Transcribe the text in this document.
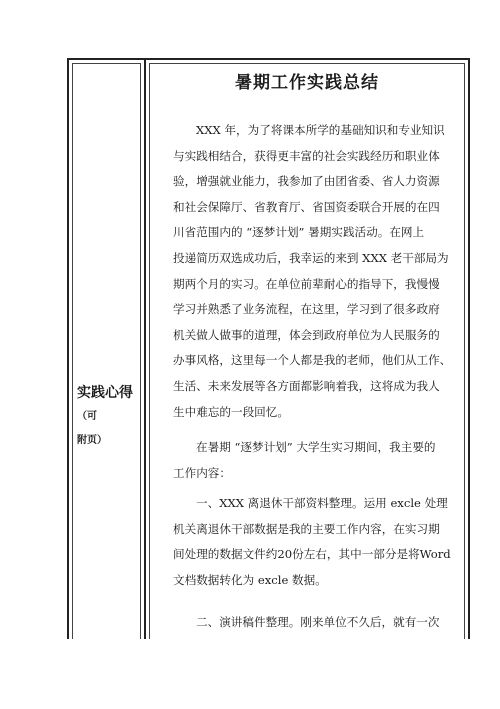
实践心得（可
附页）
暑期工作实践总结
XXX 年，为了将课本所学的基础知识和专业知识
与实践相结合，获得更丰富的社会实践经历和职业体
验，增强就业能力，我参加了由团省委、省人力资源
和社会保障厅、省教育厅、省国资委联合开展的在四
川省范围内的 “逐梦计划” 暑期实践活动。在网上
投递简历双选成功后，我幸运的来到 XXX 老干部局为
期两个月的实习。在单位前辈耐心的指导下，我慢慢
学习并熟悉了业务流程，在这里，学习到了很多政府
机关做人做事的道理，体会到政府单位为人民服务的
办事风格，这里每一个人都是我的老师，他们从工作、
生活、未来发展等各方面都影响着我，这将成为我人
生中难忘的一段回忆。
在暑期 “逐梦计划” 大学生实习期间，我主要的
工作内容：
一、XXX 离退休干部资料整理。运用 excle 处理
机关离退休干部数据是我的主要工作内容，在实习期
间处理的数据文件约20份左右，其中一部分是将Word
文档数据转化为 excle 数据。
二、演讲稿件整理。刚来单位不久后，就有一次
